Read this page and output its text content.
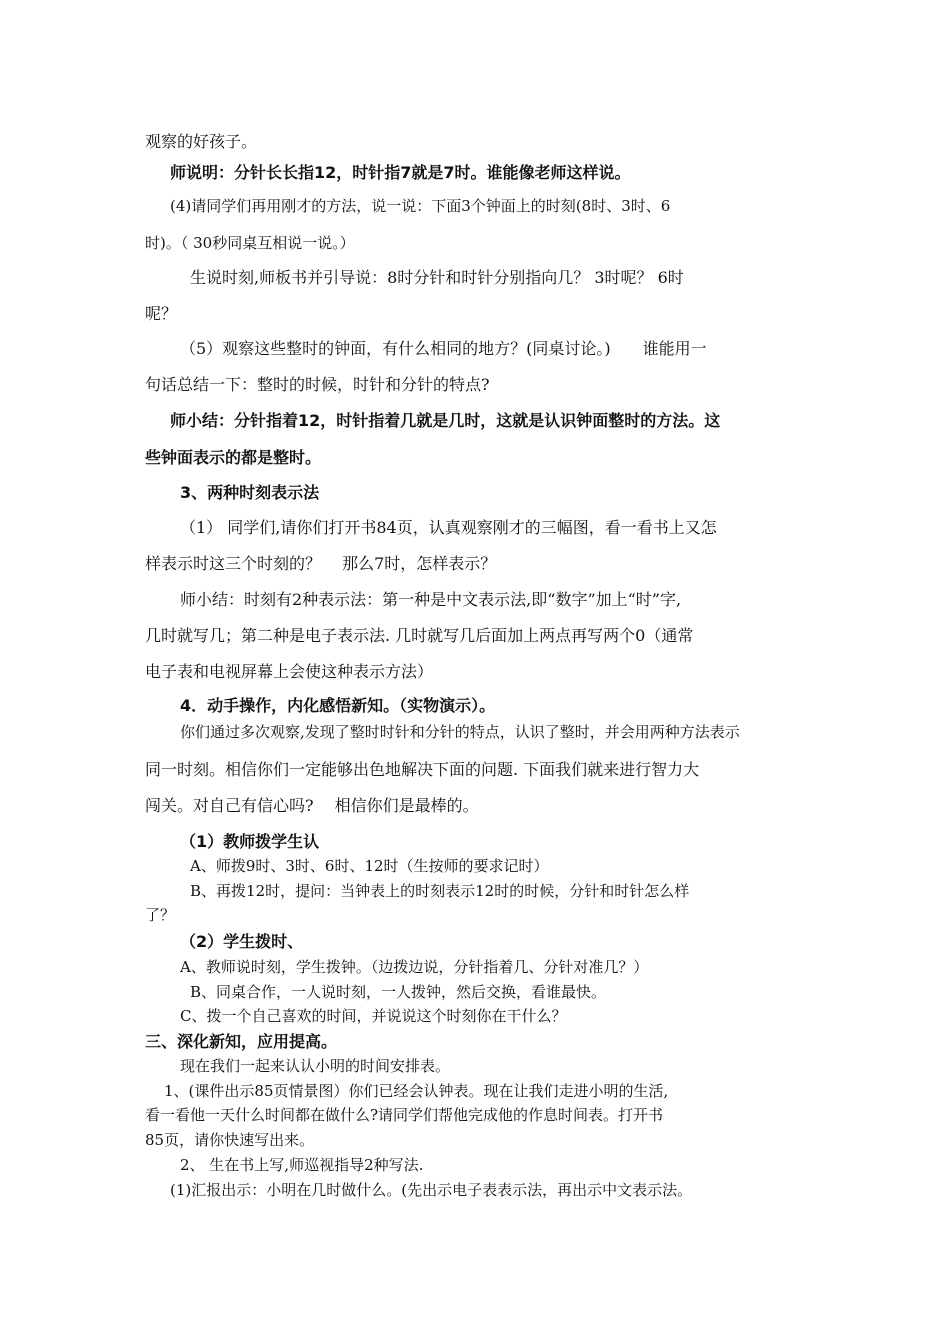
观察的好孩子。
师说明：分针长长指12，时针指7就是7时。谁能像老师这样说。
(4)请同学们再用刚才的方法，说一说：下面3个钟面上的时刻(8时、3时、6
时)。（ 30秒同桌互相说一说。）
生说时刻,师板书并引导说：8时分针和时针分别指向几？ 3时呢？ 6时
呢？
（5）观察这些整时的钟面，有什么相同的地方？(同桌讨论。)　　谁能用一
句话总结一下：整时的时候，时针和分针的特点?
师小结：分针指着12，时针指着几就是几时，这就是认识钟面整时的方法。这
些钟面表示的都是整时。
3、两种时刻表示法
（1） 同学们,请你们打开书84页，认真观察刚才的三幅图，看一看书上又怎
样表示时这三个时刻的？　 那么7时，怎样表示？
师小结：时刻有2种表示法：第一种是中文表示法,即“数字”加上“时”字,
几时就写几；第二种是电子表示法. 几时就写几后面加上两点再写两个0（通常
电子表和电视屏幕上会使这种表示方法）
4．动手操作，内化感悟新知。（实物演示）。
你们通过多次观察,发现了整时时针和分针的特点，认识了整时，并会用两种方法表示
同一时刻。相信你们一定能够出色地解决下面的问题. 下面我们就来进行智力大
闯关。对自己有信心吗?　 相信你们是最棒的。
（1）教师拨学生认
A、师拨9时、3时、6时、12时（生按师的要求记时）
B、再拨12时，提问：当钟表上的时刻表示12时的时候，分针和时针怎么样
了？
（2）学生拨时、
A、教师说时刻，学生拨钟。（边拨边说，分针指着几、分针对准几？）
B、同桌合作，一人说时刻，一人拨钟，然后交换，看谁最快。
C、拨一个自己喜欢的时间，并说说这个时刻你在干什么？
三、深化新知，应用提高。
现在我们一起来认认小明的时间安排表。
1、(课件出示85页情景图）你们已经会认钟表。现在让我们走进小明的生活,
看一看他一天什么时间都在做什么?请同学们帮他完成他的作息时间表。打开书
85页，请你快速写出来。
2、 生在书上写,师巡视指导2种写法.
(1)汇报出示：小明在几时做什么。(先出示电子表表示法，再出示中文表示法。
